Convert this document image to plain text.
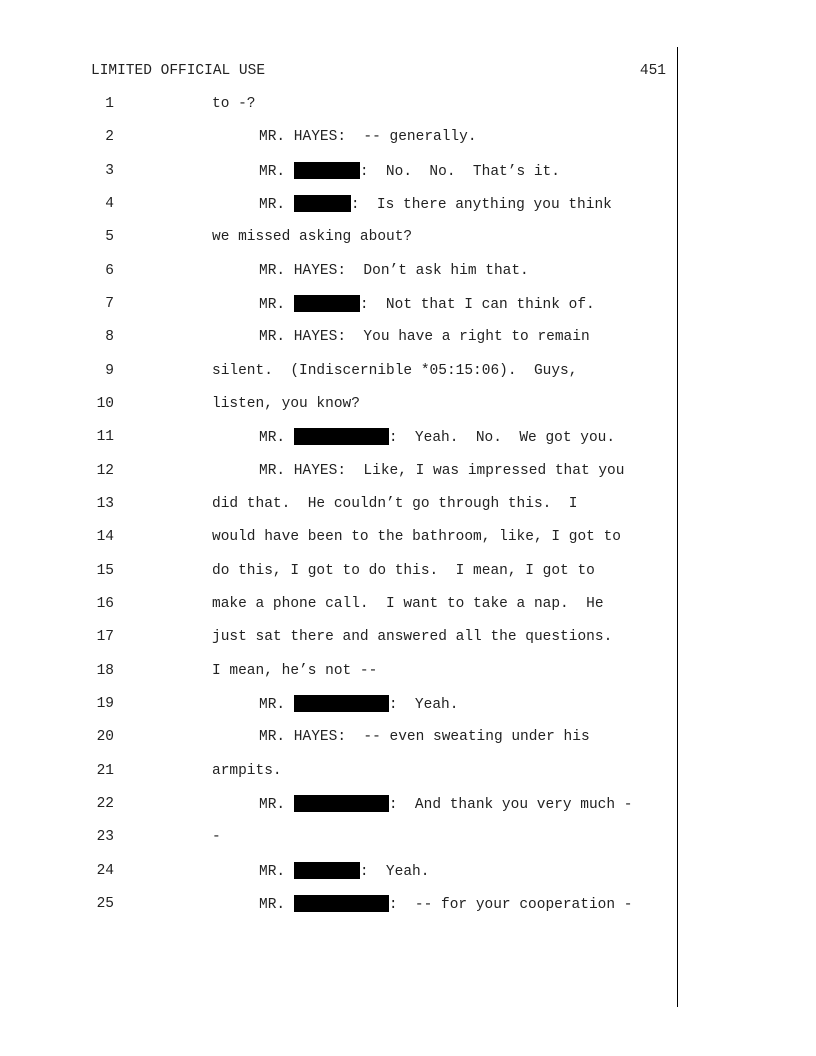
LIMITED OFFICIAL USE	451
1	to -?
2	MR. HAYES:  -- generally.
3	MR.	:  No.  No.  That’s it.
4	MR.	:  Is there anything you think
5	we missed asking about?
6	MR. HAYES:  Don’t ask him that.
7	MR.	:  Not that I can think of.
8	MR. HAYES:  You have a right to remain
9	silent.  (Indiscernible *05:15:06).  Guys,
10	listen, you know?
11	MR.	:  Yeah.  No.  We got you.
12	MR. HAYES:  Like, I was impressed that you
13	did that.  He couldn’t go through this.  I
14	would have been to the bathroom, like, I got to
15	do this, I got to do this.  I mean, I got to
16	make a phone call.  I want to take a nap.  He
17	just sat there and answered all the questions.
18	I mean, he’s not --
19	MR.	:  Yeah.
20	MR. HAYES:  -- even sweating under his
21	armpits.
22	MR.	:  And thank you very much -
23	-
24	MR.	:  Yeah.
25	MR.	:  -- for your cooperation -
